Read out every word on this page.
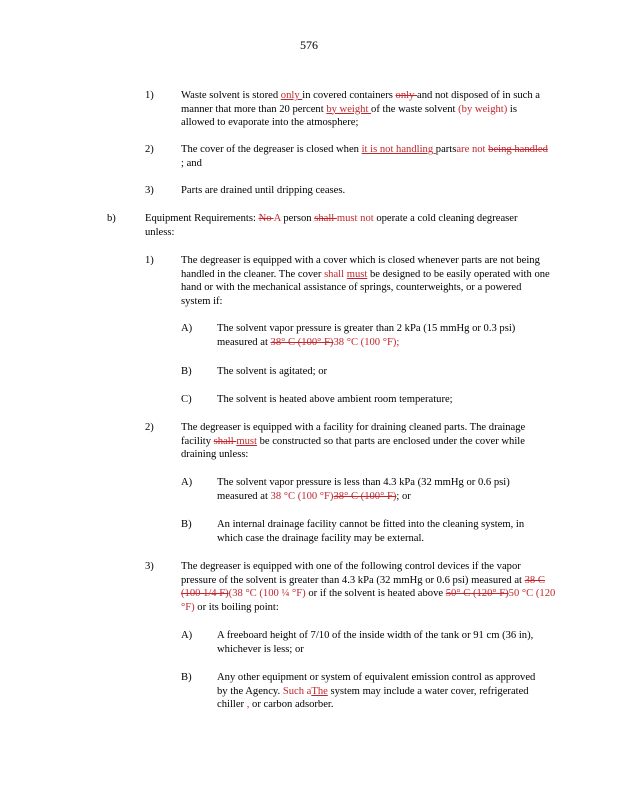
576
1)	Waste solvent is stored only in covered containers only and not disposed of in such a manner that more than 20 percent by weight of the waste solvent (by weight) is allowed to evaporate into the atmosphere;
2)	The cover of the degreaser is closed when it is not handling partsare not being handled ; and
3)	Parts are drained until dripping ceases.
b)	Equipment Requirements: No A person shall must not operate a cold cleaning degreaser unless:
1)	The degreaser is equipped with a cover which is closed whenever parts are not being handled in the cleaner. The cover shall must be designed to be easily operated with one hand or with the mechanical assistance of springs, counterweights, or a powered system if:
A) The solvent vapor pressure is greater than 2 kPa (15 mmHg or 0.3 psi) measured at 38° C (100° F)38 °C (100 °F);
B) The solvent is agitated; or
C) The solvent is heated above ambient room temperature;
2)	The degreaser is equipped with a facility for draining cleaned parts. The drainage facility shall must be constructed so that parts are enclosed under the cover while draining unless:
A) The solvent vapor pressure is less than 4.3 kPa (32 mmHg or 0.6 psi) measured at 38 °C (100 °F)38° C (100° F); or
B) An internal drainage facility cannot be fitted into the cleaning system, in which case the drainage facility may be external.
3)	The degreaser is equipped with one of the following control devices if the vapor pressure of the solvent is greater than 4.3 kPa (32 mmHg or 0.6 psi) measured at 38 C (100 1/4 F)(38 °C (100 ¼ °F) or if the solvent is heated above 50° C (120° F)50 °C (120 °F) or its boiling point:
A) A freeboard height of 7/10 of the inside width of the tank or 91 cm (36 in), whichever is less; or
B) Any other equipment or system of equivalent emission control as approved by the Agency. Such aThe system may include a water cover, refrigerated chiller , or carbon adsorber.
